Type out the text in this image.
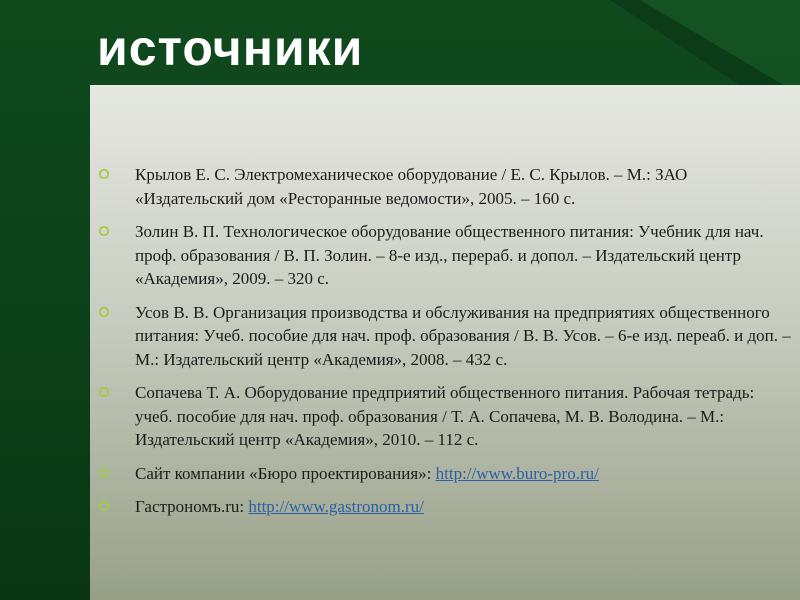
источники
Крылов Е. С. Электромеханическое оборудование / Е. С. Крылов. – М.: ЗАО «Издательский дом «Ресторанные ведомости», 2005. – 160 с.
Золин В. П. Технологическое оборудование общественного питания: Учебник для нач. проф. образования / В. П. Золин. – 8-е изд., перераб. и допол. – Издательский центр «Академия», 2009. – 320 с.
Усов В. В. Организация производства и обслуживания на предприятиях общественного питания: Учеб. пособие для нач. проф. образования / В. В. Усов. – 6-е изд. переаб. и доп. – М.: Издательский центр «Академия», 2008. – 432 с.
Сопачева Т. А. Оборудование предприятий общественного питания. Рабочая тетрадь: учеб. пособие для нач. проф. образования / Т. А. Сопачева, М. В. Володина. – М.: Издательский центр «Академия», 2010. – 112 с.
Сайт компании «Бюро проектирования»: http://www.buro-pro.ru/
Гастрономъ.ru: http://www.gastronom.ru/
